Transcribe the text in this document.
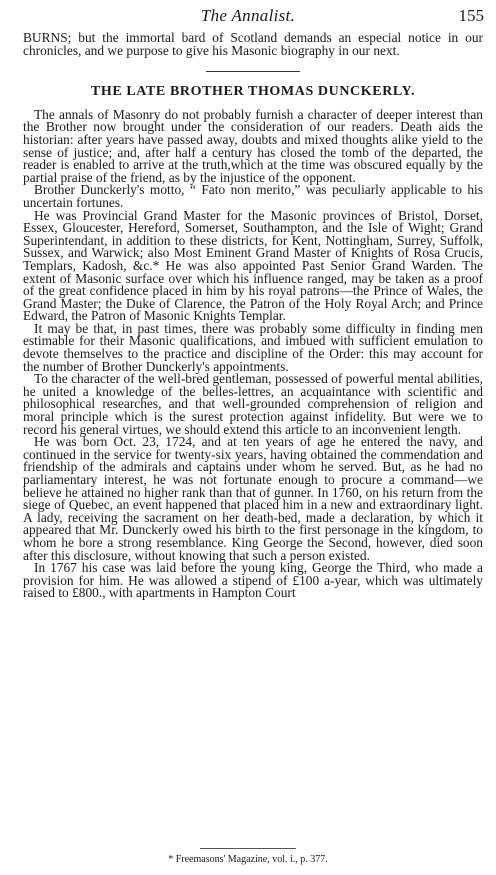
The Annalist.	155

BURNS; but the immortal bard of Scotland demands an especial notice in our chronicles, and we purpose to give his Masonic biography in our next.

THE LATE BROTHER THOMAS DUNCKERLY.

The annals of Masonry do not probably furnish a character of deeper interest than the Brother now brought under the consideration of our readers. Death aids the historian: after years have passed away, doubts and mixed thoughts alike yield to the sense of justice; and, after half a century has closed the tomb of the departed, the reader is enabled to arrive at the truth,which at the time was obscured equally by the partial praise of the friend, as by the injustice of the opponent.

Brother Dunckerly's motto, “ Fato non merito,” was peculiarly applicable to his uncertain fortunes.

He was Provincial Grand Master for the Masonic provinces of Bristol, Dorset, Essex, Gloucester, Hereford, Somerset, Southampton, and the Isle of Wight; Grand Superintendant, in addition to these districts, for Kent, Nottingham, Surrey, Suffolk, Sussex, and Warwick; also Most Eminent Grand Master of Knights of Rosa Crucis, Templars, Kadosh, &c.* He was also appointed Past Senior Grand Warden. The extent of Masonic surface over which his influence ranged, may be taken as a proof of the great confidence placed in him by his royal patrons—the Prince of Wales, the Grand Master; the Duke of Clarence, the Patron of the Holy Royal Arch; and Prince Edward, the Patron of Masonic Knights Templar.

It may be that, in past times, there was probably some difficulty in finding men estimable for their Masonic qualifications, and imbued with sufficient emulation to devote themselves to the practice and discipline of the Order: this may account for the number of Brother Dunckerly's appointments.

To the character of the well-bred gentleman, possessed of powerful mental abilities, he united a knowledge of the belles-lettres, an acquaintance with scientific and philosophical researches, and that well-grounded comprehension of religion and moral principle which is the surest protection against infidelity. But were we to record his general virtues, we should extend this article to an inconvenient length.

He was born Oct. 23, 1724, and at ten years of age he entered the navy, and continued in the service for twenty-six years, having obtained the commendation and friendship of the admirals and captains under whom he served. But, as he had no parliamentary interest, he was not fortunate enough to procure a command—we believe he attained no higher rank than that of gunner. In 1760, on his return from the siege of Quebec, an event happened that placed him in a new and extraordinary light. A lady, receiving the sacrament on her death-bed, made a declaration, by which it appeared that Mr. Dunckerly owed his birth to the first personage in the kingdom, to whom he bore a strong resemblance. King George the Second, however, died soon after this disclosure, without knowing that such a person existed.

In 1767 his case was laid before the young king, George the Third, who made a provision for him. He was allowed a stipend of £100 a-year, which was ultimately raised to £800., with apartments in Hampton Court

* Freemasons' Magazine, vol. i., p. 377.
